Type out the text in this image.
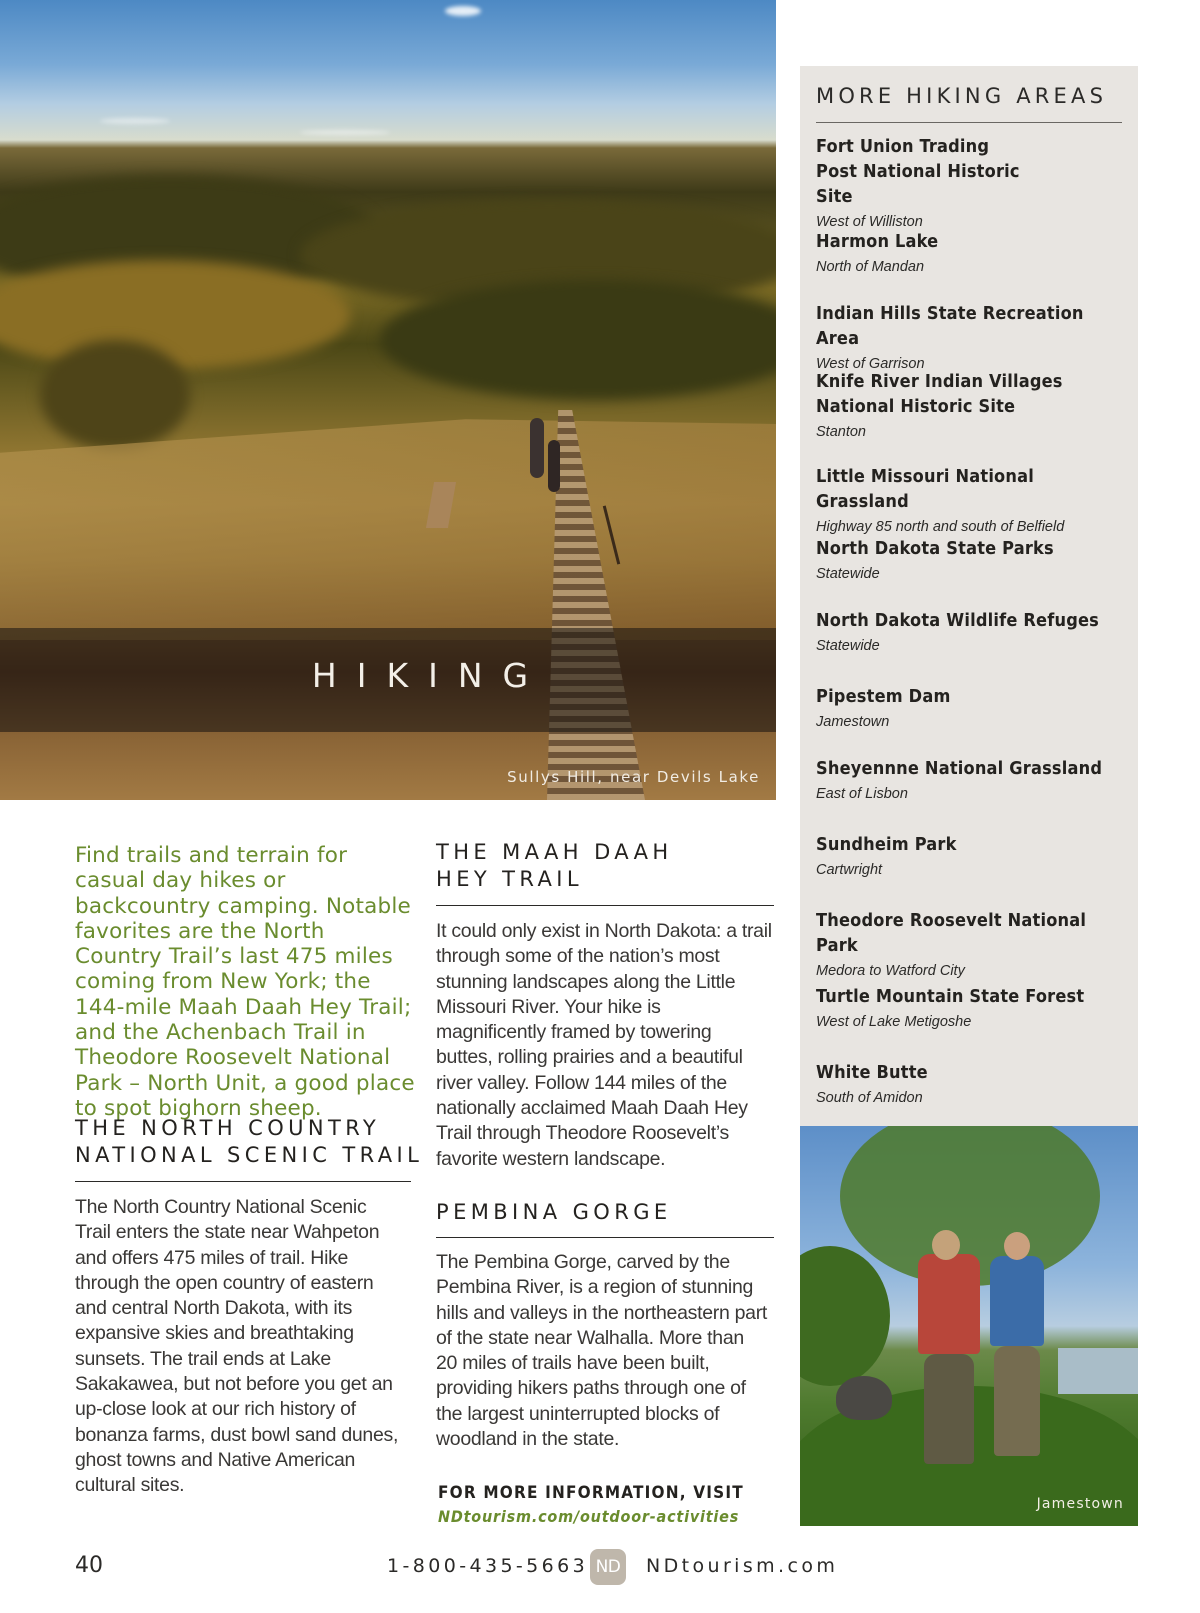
HIKING
Sullys Hill, near Devils Lake
MORE HIKING AREAS
Fort Union Trading Post National Historic Site
West of Williston
Harmon Lake
North of Mandan
Indian Hills State Recreation Area
West of Garrison
Knife River Indian Villages National Historic Site
Stanton
Little Missouri National Grassland
Highway 85 north and south of Belfield
North Dakota State Parks
Statewide
North Dakota Wildlife Refuges
Statewide
Pipestem Dam
Jamestown
Sheyennne National Grassland
East of Lisbon
Sundheim Park
Cartwright
Theodore Roosevelt National Park
Medora to Watford City
Turtle Mountain State Forest
West of Lake Metigoshe
White Butte
South of Amidon
Jamestown
Find trails and terrain for casual day hikes or backcountry camping. Notable favorites are the North Country Trail’s last 475 miles coming from New York; the 144-mile Maah Daah Hey Trail; and the Achenbach Trail in Theodore Roosevelt National Park – North Unit, a good place to spot bighorn sheep.
THE NORTH COUNTRY
NATIONAL SCENIC TRAIL
The North Country National Scenic Trail enters the state near Wahpeton and offers 475 miles of trail. Hike through the open country of eastern and central North Dakota, with its expansive skies and breathtaking sunsets. The trail ends at Lake Sakakawea, but not before you get an up-close look at our rich history of bonanza farms, dust bowl sand dunes, ghost towns and Native American cultural sites.
THE MAAH DAAH
HEY TRAIL
It could only exist in North Dakota: a trail through some of the nation’s most stunning landscapes along the Little Missouri River. Your hike is magnificently framed by towering buttes, rolling prairies and a beautiful river valley. Follow 144 miles of the nationally acclaimed Maah Daah Hey Trail through Theodore Roosevelt’s favorite western landscape.
PEMBINA GORGE
The Pembina Gorge, carved by the Pembina River, is a region of stunning hills and valleys in the northeastern part of the state near Walhalla. More than 20 miles of trails have been built, providing hikers paths through one of the largest uninterrupted blocks of woodland in the state.
FOR MORE INFORMATION, VISIT
NDtourism.com/outdoor-activities
40	1-800-435-5663 ND NDtourism.com
